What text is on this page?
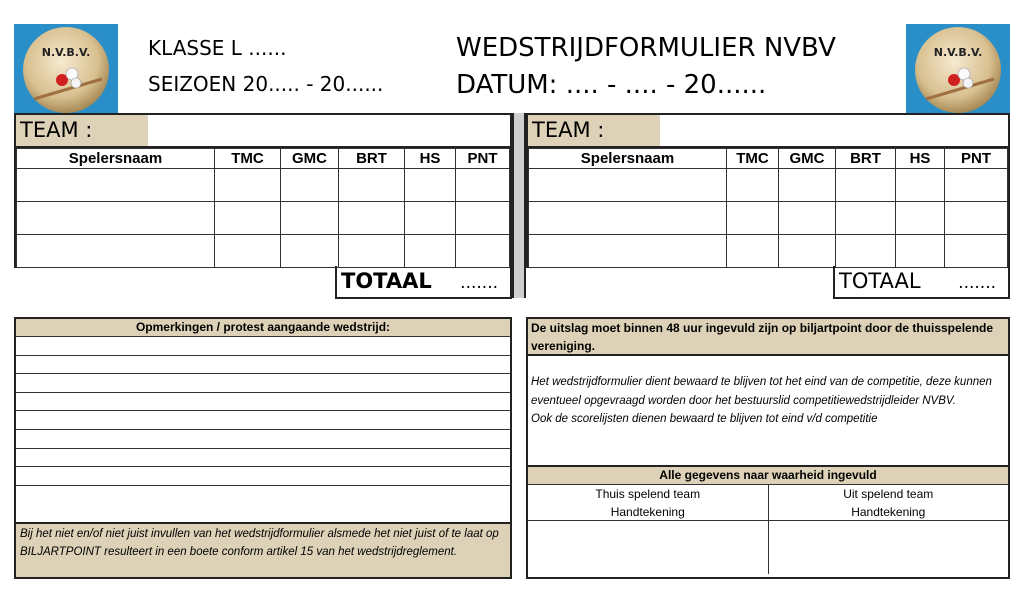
N.V.B.V.	KLASSE L ......
SEIZOEN 20..... - 20......
WEDSTRIJDFORMULIER NVBV
DATUM: .... - .... - 20......
N.V.B.V.
TEAM :
Spelersnaam	TMC	GMC	BRT	HS	PNT

TOTAAL .......
TEAM :
Spelersnaam	TMC	GMC	BRT	HS	PNT

TOTAAL .......
Opmerkingen / protest aangaande wedstrijd:
Bij het niet en/of niet juist invullen van het wedstrijdformulier alsmede het niet juist of te laat op BILJARTPOINT resulteert in een boete conform artikel 15 van het wedstrijdreglement.
De uitslag moet binnen 48 uur ingevuld zijn op biljartpoint door de thuisspelende vereniging.
Het wedstrijdformulier dient bewaard te blijven tot het eind van de competitie, deze kunnen eventueel opgevraagd worden door het bestuurslid competitiewedstrijdleider NVBV.
Ook de scorelijsten dienen bewaard te blijven tot eind v/d competitie
Alle gegevens naar waarheid ingevuld
Thuis spelend team
Handtekening
Uit spelend team
Handtekening
